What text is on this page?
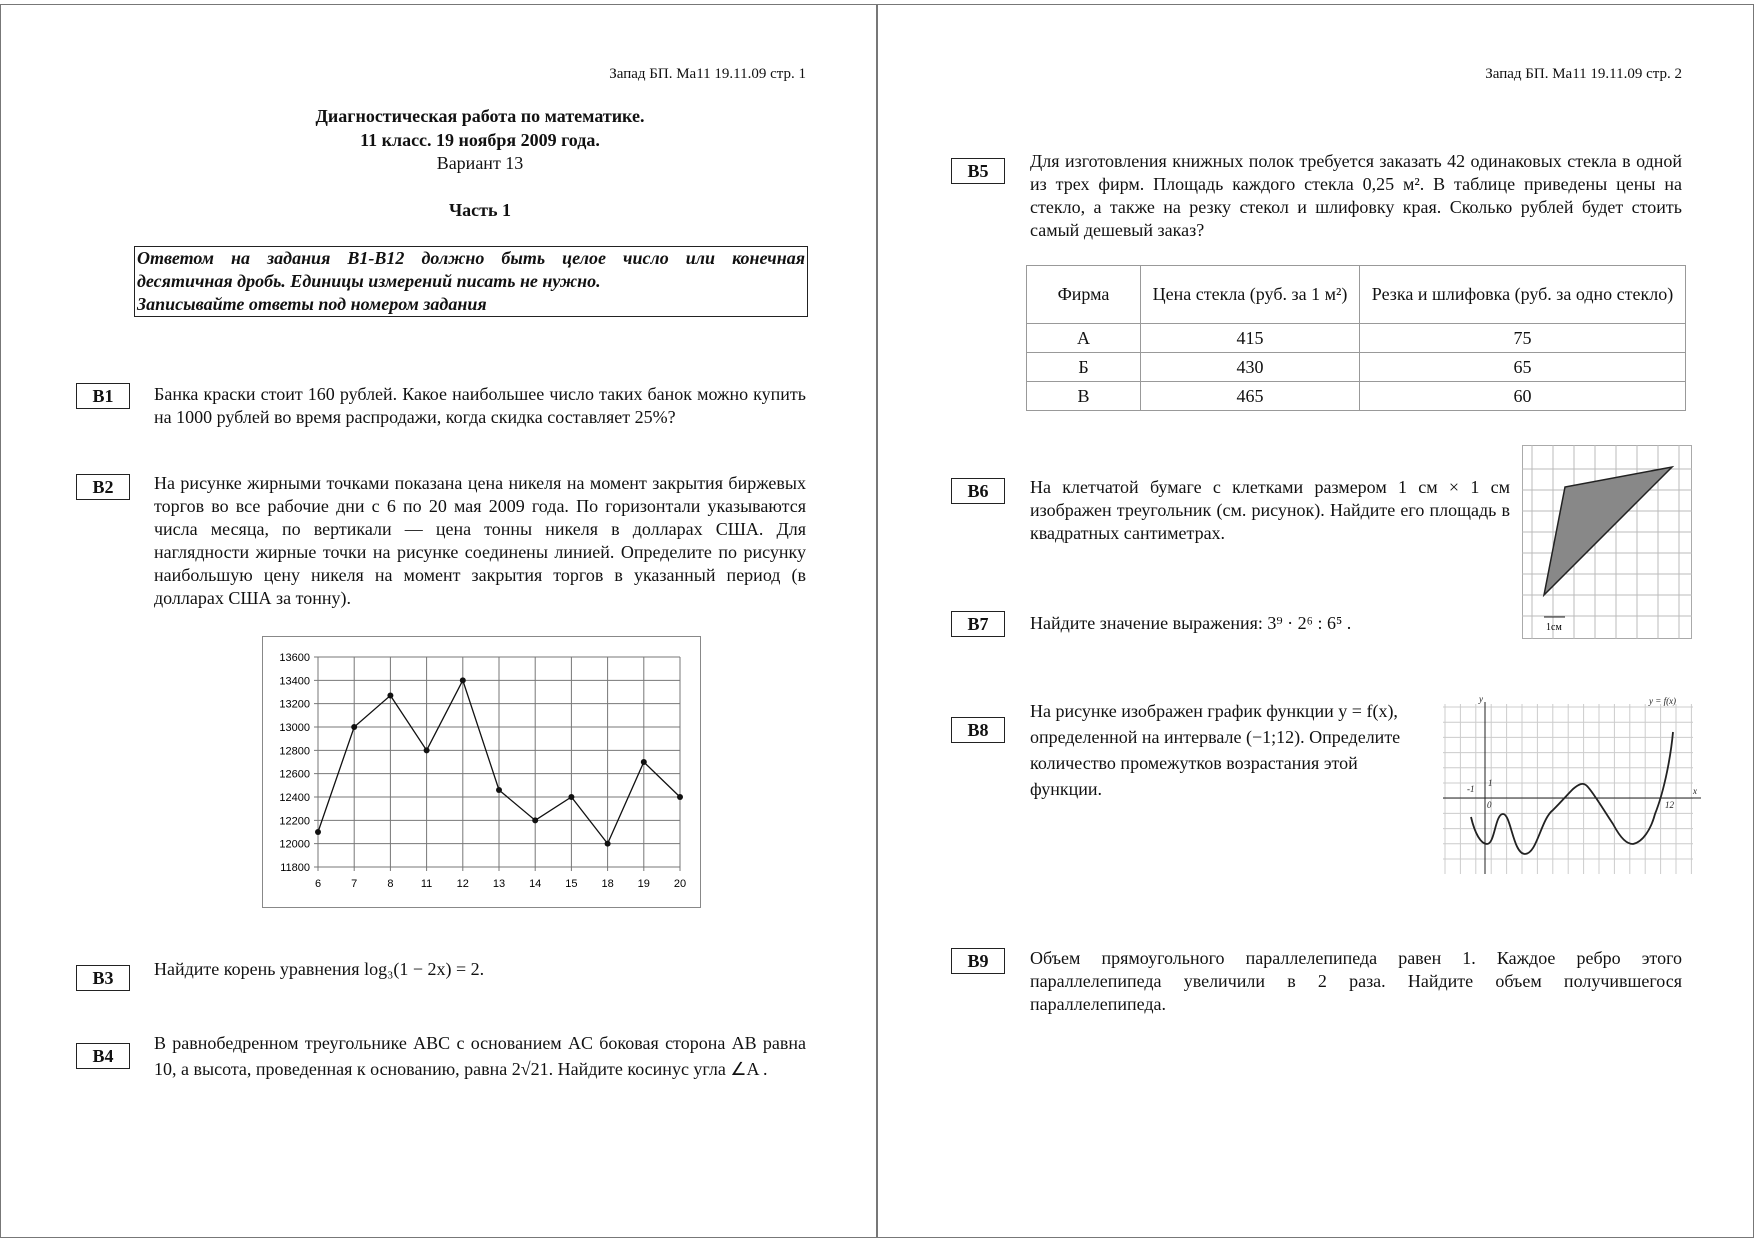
Запад БП. Ма11 19.11.09 стр. 1
Диагностическая работа по математике.
11 класс. 19 ноября 2009 года.
Вариант 13
Часть 1
Ответом на задания В1-В12 должно быть целое число или конечная
десятичная дробь. Единицы измерений писать не нужно.
Записывайте ответы под номером задания
В1	Банка краски стоит 160 рублей. Какое наибольшее число таких банок можно купить на 1000 рублей во время распродажи, когда скидка составляет 25%?
В2	На рисунке жирными точками показана цена никеля на момент закрытия биржевых торгов во все рабочие дни с 6 по 20 мая 2009 года. По горизонтали указываются числа месяца, по вертикали — цена тонны никеля в долларах США. Для наглядности жирные точки на рисунке соединены линией. Определите по рисунку наибольшую цену никеля на момент закрытия торгов в указанный период (в долларах США за тонну).
11800
12000
12200
12400
12600
12800
13000
13200
13400
13600
6	7	8 11 12 13 14 15 18 19 20
В3	Найдите корень уравнения log₃(1 − 2x) = 2.
В4
В равнобедренном треугольнике ABC с основанием AC боковая сторона AB равна 10, а высота, проведенная к основанию, равна 2√21. Найдите косинус угла ∠A .
Запад БП. Ма11 19.11.09 стр. 2
В5	Для изготовления книжных полок требуется заказать 42 одинаковых стекла в одной из трех фирм. Площадь каждого стекла 0,25 м². В таблице приведены цены на стекло, а также на резку стекол и шлифовку края. Сколько рублей будет стоить самый дешевый заказ?
Фирма	Цена стекла (руб. за 1 м²)	Резка и шлифовка (руб. за одно стекло)
А	415	75
Б	430	65
В	465	60
В6	На клетчатой бумаге с клетками размером 1 см × 1 см изображен треугольник (см. рисунок). Найдите его площадь в квадратных сантиметрах.
1см
В7	Найдите значение выражения: 3⁹ · 2⁶ : 6⁵ .
В8
На рисунке изображен график функции y = f(x), определенной на интервале (−1;12). Определите количество промежутков возрастания этой функции.
y
x
y = f(x)
-1
1
0	12
В9	Объем прямоугольного параллелепипеда равен 1. Каждое ребро этого параллелепипеда увеличили в 2 раза. Найдите объем получившегося параллелепипеда.
